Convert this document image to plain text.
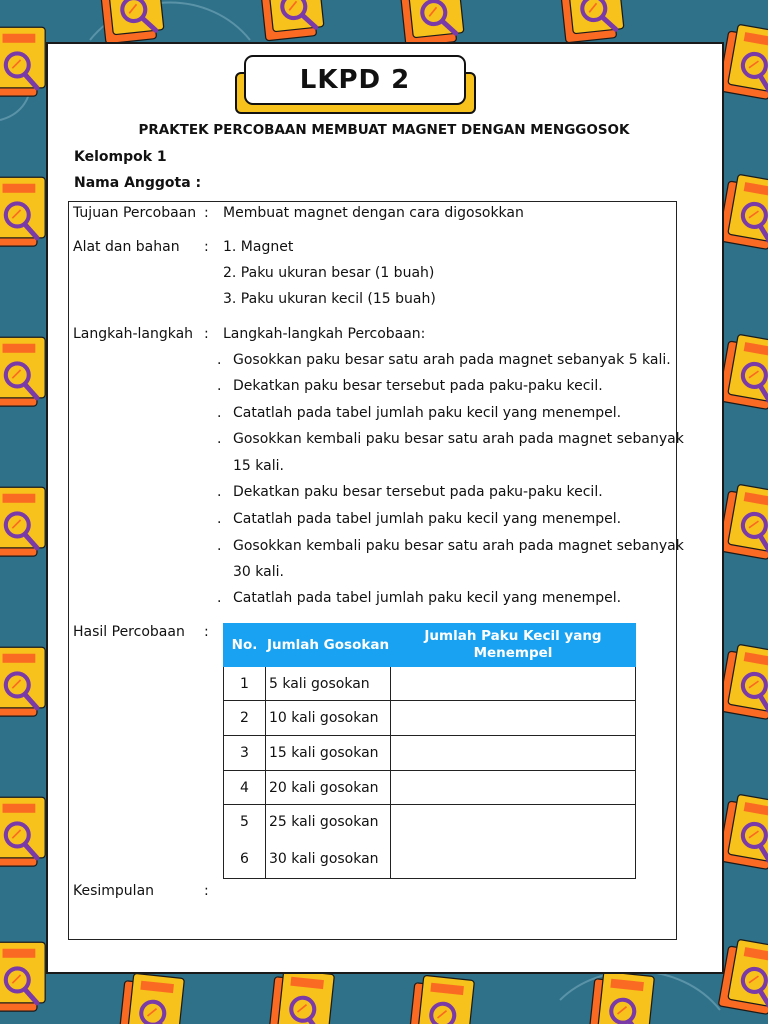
LKPD 2
PRAKTEK PERCOBAAN MEMBUAT MAGNET DENGAN MENGGOSOK
Kelompok 1
Nama Anggota :
Tujuan Percobaan : Membuat magnet dengan cara digosokkan
Alat dan bahan : 1. Magnet
2. Paku ukuran besar (1 buah)
3. Paku ukuran kecil (15 buah)
Langkah-langkah : Langkah-langkah Percobaan:
. Gosokkan paku besar satu arah pada magnet sebanyak 5 kali.
. Dekatkan paku besar tersebut pada paku-paku kecil.
. Catatlah pada tabel jumlah paku kecil yang menempel.
. Gosokkan kembali paku besar satu arah pada magnet sebanyak
15 kali.
. Dekatkan paku besar tersebut pada paku-paku kecil.
. Catatlah pada tabel jumlah paku kecil yang menempel.
. Gosokkan kembali paku besar satu arah pada magnet sebanyak
30 kali.
. Catatlah pada tabel jumlah paku kecil yang menempel.
Hasil Percobaan :
No.	Jumlah Gosokan	Jumlah Paku Kecil yang Menempel
1	5 kali gosokan	
2	10 kali gosokan	
3	15 kali gosokan	
4	20 kali gosokan	
5	25 kali gosokan	
6	30 kali gosokan	
Kesimpulan	:
